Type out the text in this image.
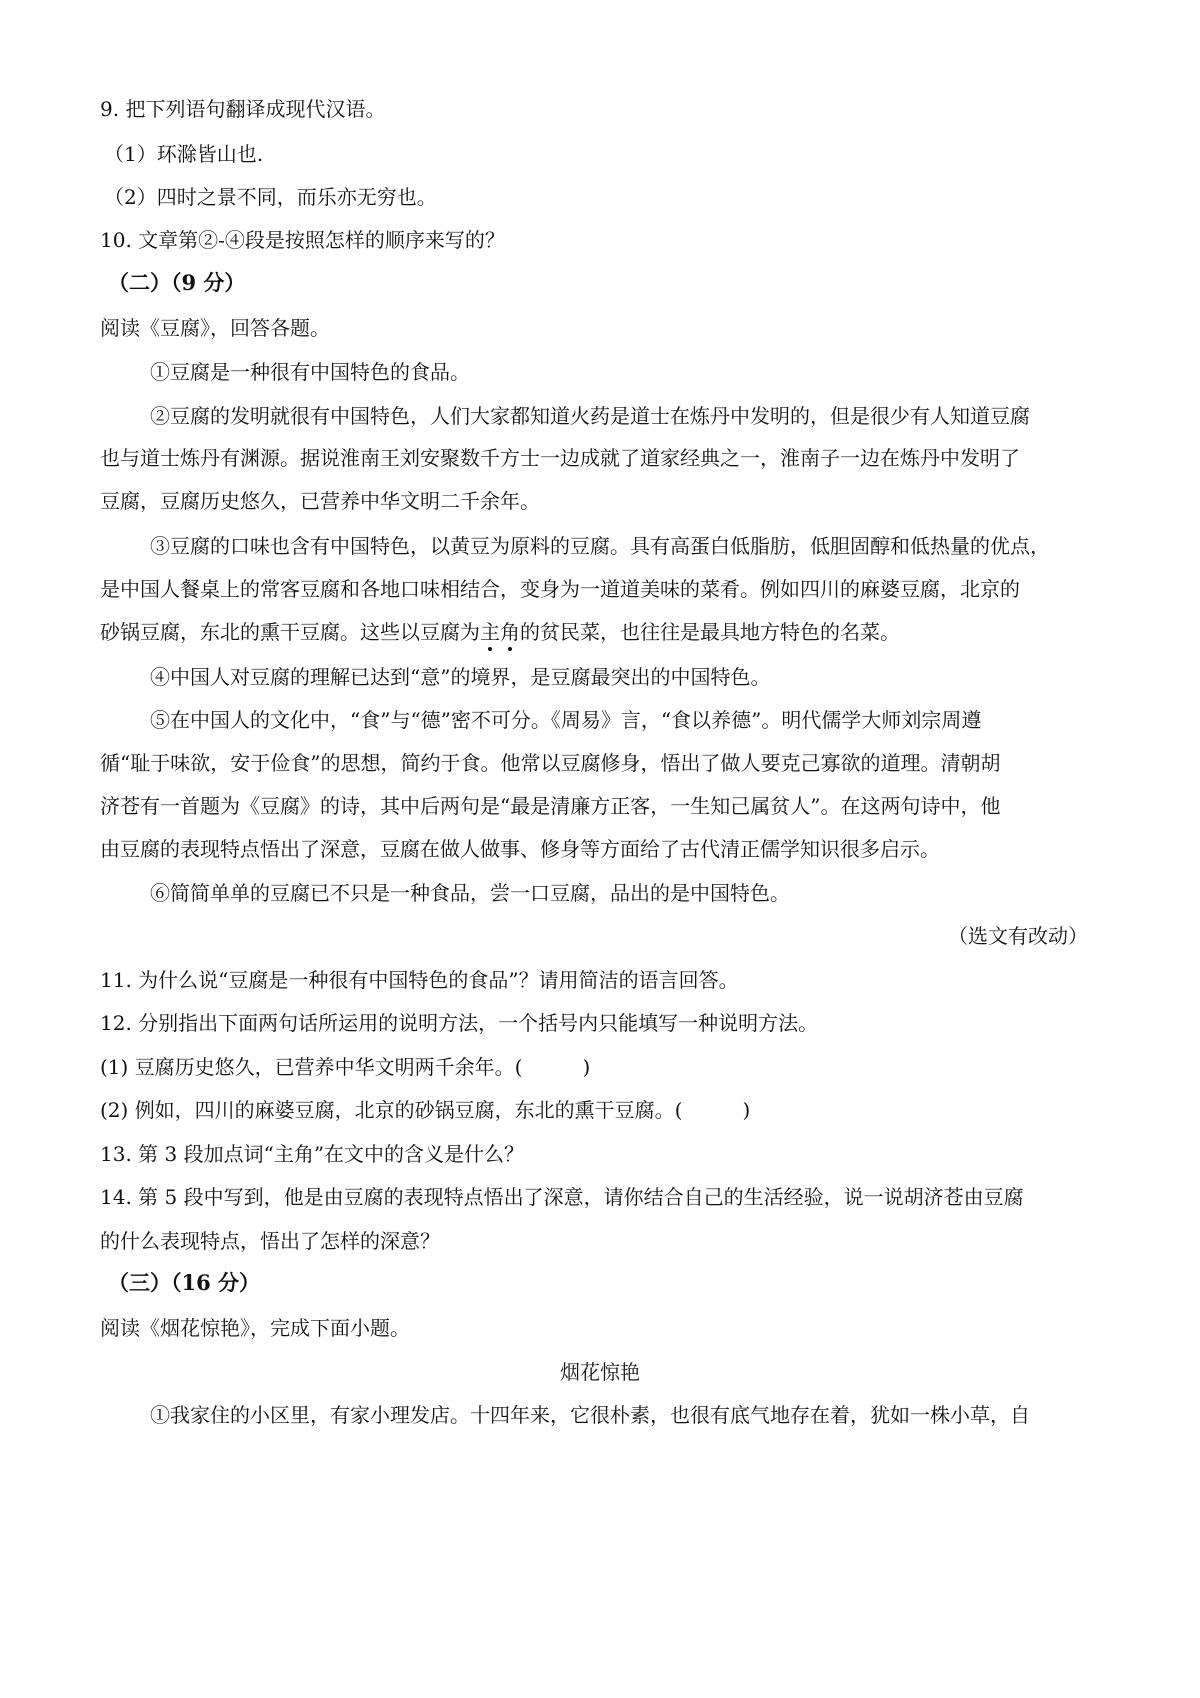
9. 把下列语句翻译成现代汉语。
（1）环滁皆山也.
（2）四时之景不同，而乐亦无穷也。
10. 文章第②-④段是按照怎样的顺序来写的？
（二）（9 分）
阅读《豆腐》，回答各题。
①豆腐是一种很有中国特色的食品。
②豆腐的发明就很有中国特色，人们大家都知道火药是道士在炼丹中发明的，但是很少有人知道豆腐
也与道士炼丹有渊源。据说淮南王刘安聚数千方士一边成就了道家经典之一，淮南子一边在炼丹中发明了
豆腐，豆腐历史悠久，已营养中华文明二千余年。
③豆腐的口味也含有中国特色，以黄豆为原料的豆腐。具有高蛋白低脂肪，低胆固醇和低热量的优点，
是中国人餐桌上的常客豆腐和各地口味相结合，变身为一道道美味的菜肴。例如四川的麻婆豆腐，北京的
砂锅豆腐，东北的熏干豆腐。这些以豆腐为主角
的贫民菜，也往往是最具地方特色的名菜。
④中国人对豆腐的理解已达到“意”的境界，是豆腐最突出的中国特色。
⑤在中国人的文化中，“食”与“德”密不可分。《周易》言，“食以养德”。明代儒学大师刘宗周遵
循“耻于味欲，安于俭食”的思想，简约于食。他常以豆腐修身，悟出了做人要克己寡欲的道理。清朝胡
济苍有一首题为《豆腐》的诗，其中后两句是“最是清廉方正客，一生知己属贫人”。在这两句诗中，他
由豆腐的表现特点悟出了深意，豆腐在做人做事、修身等方面给了古代清正儒学知识很多启示。
⑥简简单单的豆腐已不只是一种食品，尝一口豆腐，品出的是中国特色。
（选文有改动）
11. 为什么说“豆腐是一种很有中国特色的食品”？请用简洁的语言回答。
12. 分别指出下面两句话所运用的说明方法，一个括号内只能填写一种说明方法。
(1) 豆腐历史悠久，已营养中华文明两千余年。(　　　)
(2) 例如，四川的麻婆豆腐，北京的砂锅豆腐，东北的熏干豆腐。(　　　)
13. 第 3 段加点词“主角”在文中的含义是什么？
14. 第 5 段中写到，他是由豆腐的表现特点悟出了深意，请你结合自己的生活经验，说一说胡济苍由豆腐
的什么表现特点，悟出了怎样的深意？
（三）（16 分）
阅读《烟花惊艳》，完成下面小题。
烟花惊艳
①我家住的小区里，有家小理发店。十四年来，它很朴素，也很有底气地存在着，犹如一株小草，自
